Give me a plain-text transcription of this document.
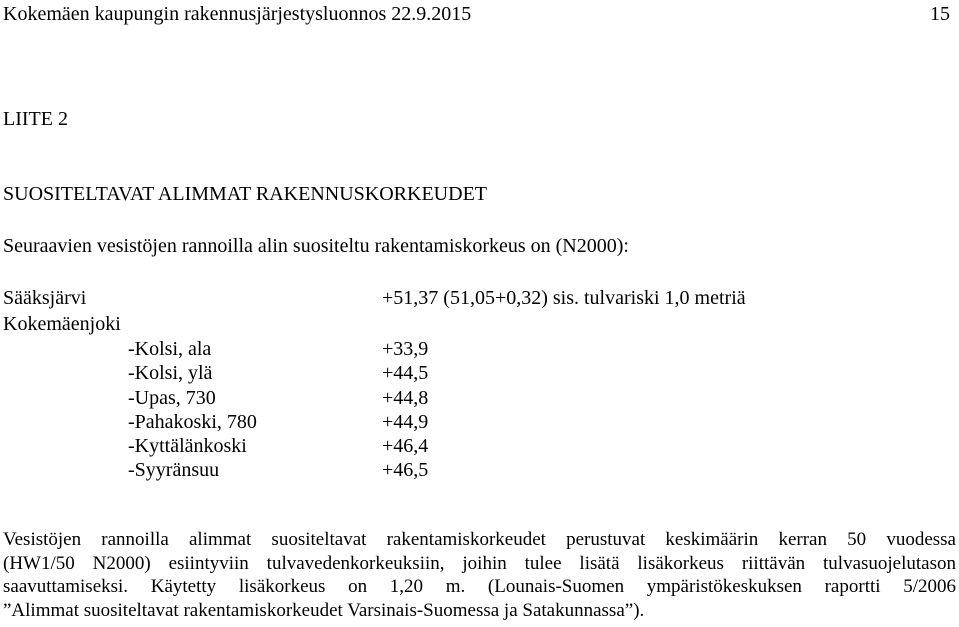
Kokemäen kaupungin rakennusjärjestysluonnos 22.9.2015	15
LIITE 2
SUOSITELTAVAT ALIMMAT RAKENNUSKORKEUDET
Seuraavien vesistöjen rannoilla alin suositeltu rakentamiskorkeus on (N2000):
Sääksjärvi	+51,37 (51,05+0,32) sis. tulvariski 1,0 metriä
Kokemäenjoki
-Kolsi, ala
-Kolsi, ylä
-Upas, 730
-Pahakoski, 780
-Kyttälänkoski
-Syyränsuu
+33,9
+44,5
+44,8
+44,9
+46,4
+46,5
Vesistöjen rannoilla alimmat suositeltavat rakentamiskorkeudet perustuvat keskimäärin kerran 50 vuodessa
(HW1/50 N2000) esiintyviin tulvavedenkorkeuksiin, joihin tulee lisätä lisäkorkeus riittävän tulvasuojelutason
saavuttamiseksi. Käytetty lisäkorkeus on 1,20 m. (Lounais-Suomen ympäristökeskuksen raportti 5/2006
”Alimmat suositeltavat rakentamiskorkeudet Varsinais-Suomessa ja Satakunnassa”).
